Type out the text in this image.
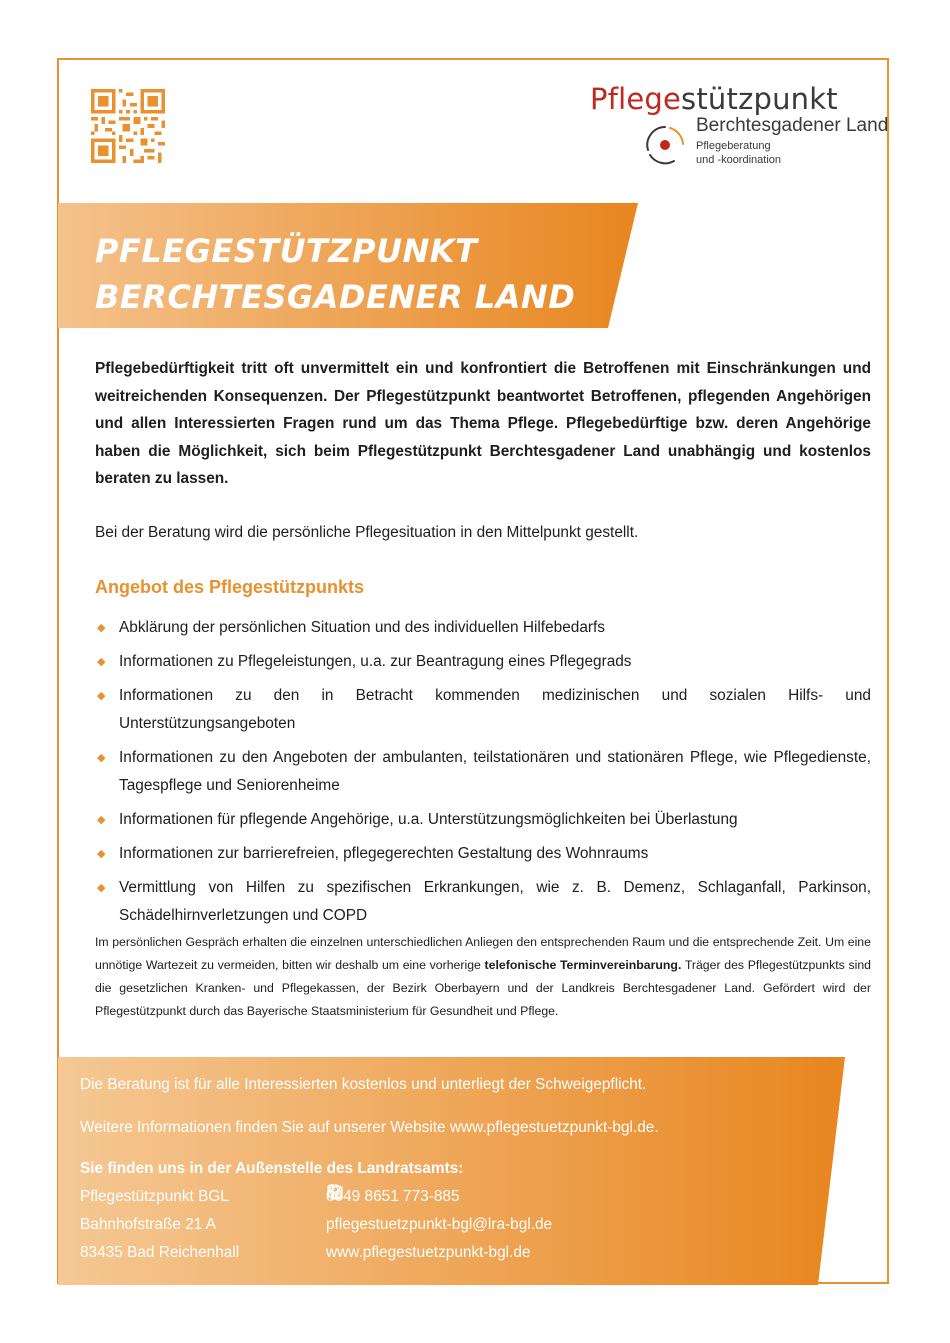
Pflegestützpunkt
Berchtesgadener Land
Pflegeberatung
und -koordination
PFLEGESTÜTZPUNKT
BERCHTESGADENER LAND
Pflegebedürftigkeit tritt oft unvermittelt ein und konfrontiert die Betroffenen mit Einschränkungen und weitreichenden Konsequenzen. Der Pflegestützpunkt beantwortet Betroffenen, pflegenden Angehörigen und allen Interessierten Fragen rund um das Thema Pflege. Pflegebedürftige bzw. deren Angehörige haben die Möglichkeit, sich beim Pflegestützpunkt Berchtesgadener Land unabhängig und kostenlos beraten zu lassen.
Bei der Beratung wird die persönliche Pflegesituation in den Mittelpunkt gestellt.
Angebot des Pflegestützpunkts
◆ Abklärung der persönlichen Situation und des individuellen Hilfebedarfs
◆ Informationen zu Pflegeleistungen, u.a. zur Beantragung eines Pflegegrads
◆ Informationen zu den in Betracht kommenden medizinischen und sozialen Hilfs- und Unterstützungsangeboten
◆ Informationen zu den Angeboten der ambulanten, teilstationären und stationären Pflege, wie Pflegedienste, Tagespflege und Seniorenheime
◆ Informationen für pflegende Angehörige, u.a. Unterstützungsmöglichkeiten bei Überlastung
◆ Informationen zur barrierefreien, pflegegerechten Gestaltung des Wohnraums
◆ Vermittlung von Hilfen zu spezifischen Erkrankungen, wie z. B. Demenz, Schlaganfall, Parkinson, Schädelhirnverletzungen und COPD
Im persönlichen Gespräch erhalten die einzelnen unterschiedlichen Anliegen den entsprechenden Raum und die entsprechende Zeit. Um eine unnötige Wartezeit zu vermeiden, bitten wir deshalb um eine vorherige telefonische Terminvereinbarung. Träger des Pflegestützpunkts sind die gesetzlichen Kranken- und Pflegekassen, der Bezirk Oberbayern und der Landkreis Berchtesgadener Land. Gefördert wird der Pflegestützpunkt durch das Bayerische Staatsministerium für Gesundheit und Pflege.
Die Beratung ist für alle Interessierten kostenlos und unterliegt der Schweigepflicht.
Weitere Informationen finden Sie auf unserer Website www.pflegestuetzpunkt-bgl.de.
Sie finden uns in der Außenstelle des Landratsamts:
Pflegestützpunkt BGL
Bahnhofstraße 21 A
83435 Bad Reichenhall
0049 8651 773-885
pflegestuetzpunkt-bgl@lra-bgl.de
www.pflegestuetzpunkt-bgl.de
